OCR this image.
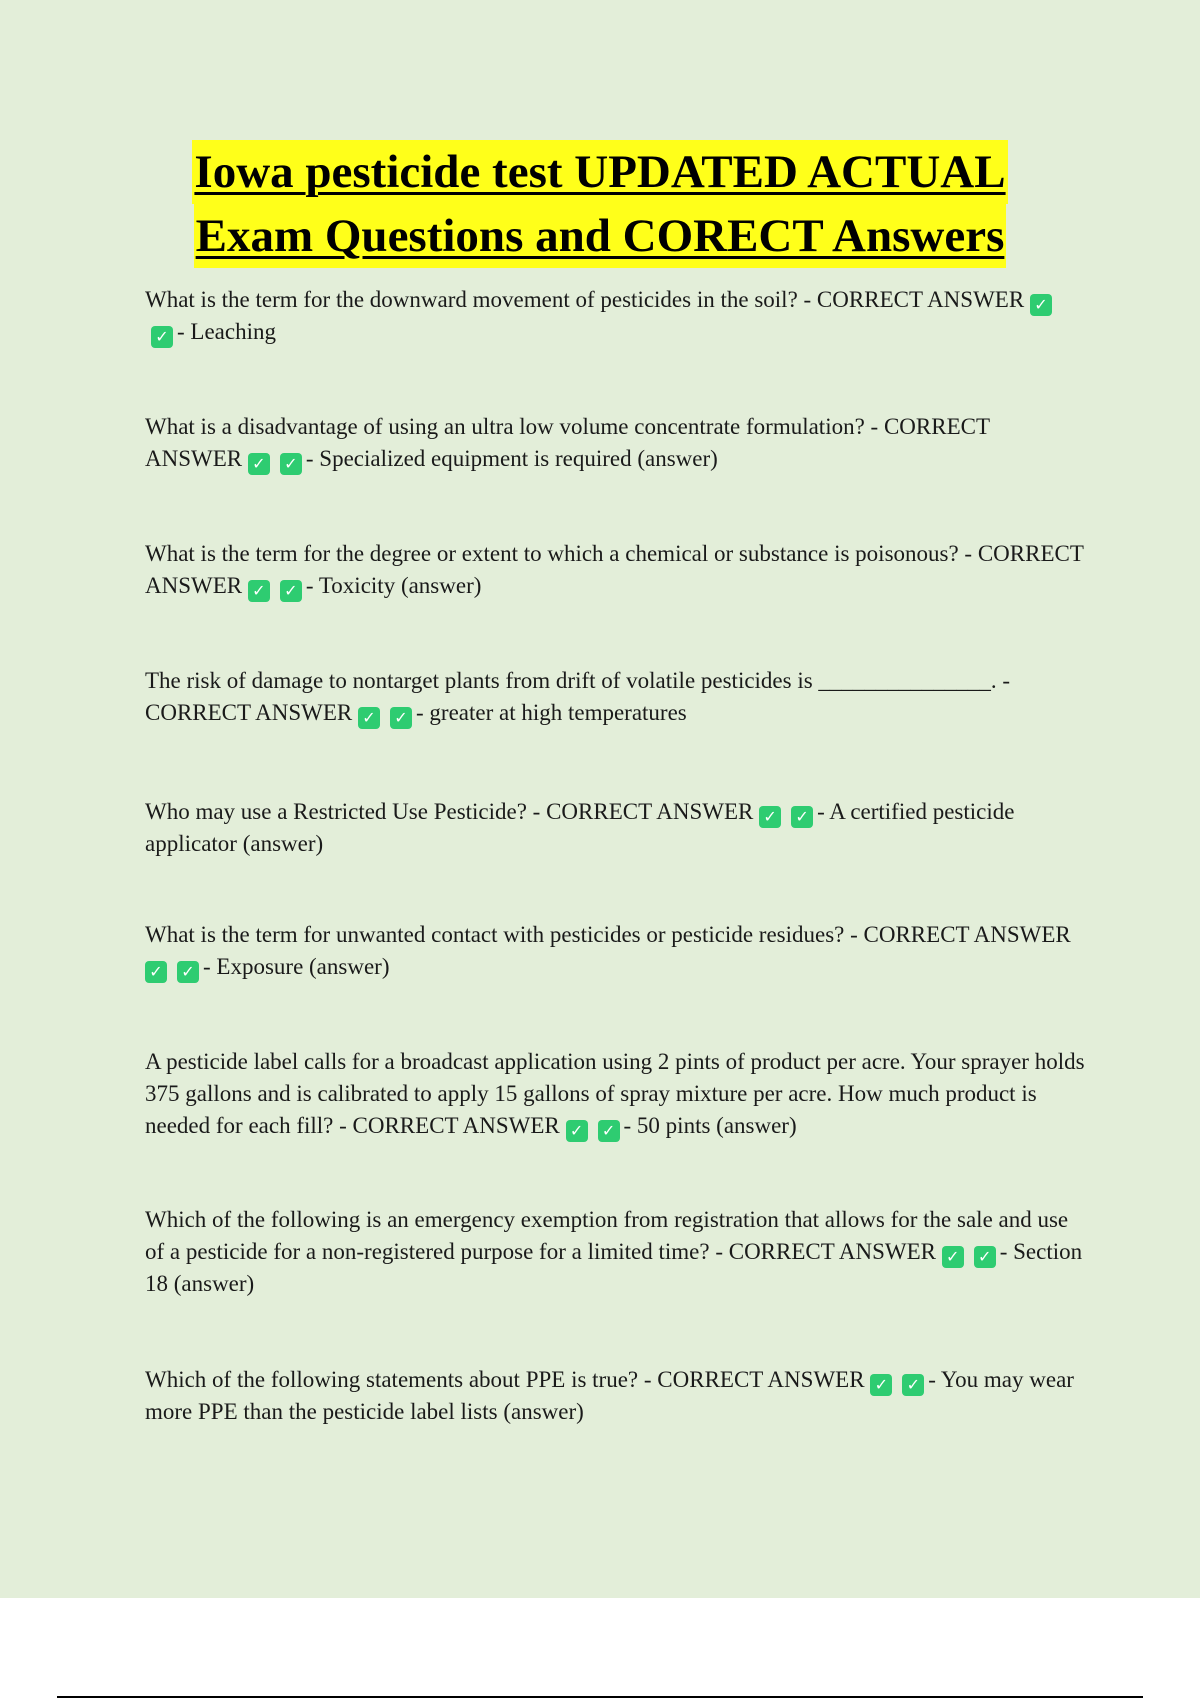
Iowa pesticide test UPDATED ACTUAL
Exam Questions and CORECT Answers

What is the term for the downward movement of pesticides in the soil? - CORRECT ANSWER ✓✓ - Leaching

What is a disadvantage of using an ultra low volume concentrate formulation? - CORRECT ANSWER ✓ ✓ - Specialized equipment is required (answer)

What is the term for the degree or extent to which a chemical or substance is poisonous? - CORRECT ANSWER ✓ ✓ - Toxicity (answer)

The risk of damage to nontarget plants from drift of volatile pesticides is _______________. - CORRECT ANSWER ✓ ✓ - greater at high temperatures

Who may use a Restricted Use Pesticide? - CORRECT ANSWER ✓ ✓ - A certified pesticide applicator (answer)

What is the term for unwanted contact with pesticides or pesticide residues? - CORRECT ANSWER ✓ ✓ - Exposure (answer)

A pesticide label calls for a broadcast application using 2 pints of product per acre. Your sprayer holds 375 gallons and is calibrated to apply 15 gallons of spray mixture per acre. How much product is needed for each fill? - CORRECT ANSWER ✓ ✓ - 50 pints (answer)

Which of the following is an emergency exemption from registration that allows for the sale and use of a pesticide for a non-registered purpose for a limited time? - CORRECT ANSWER ✓ ✓ - Section 18 (answer)

Which of the following statements about PPE is true? - CORRECT ANSWER ✓ ✓ - You may wear more PPE than the pesticide label lists (answer)
